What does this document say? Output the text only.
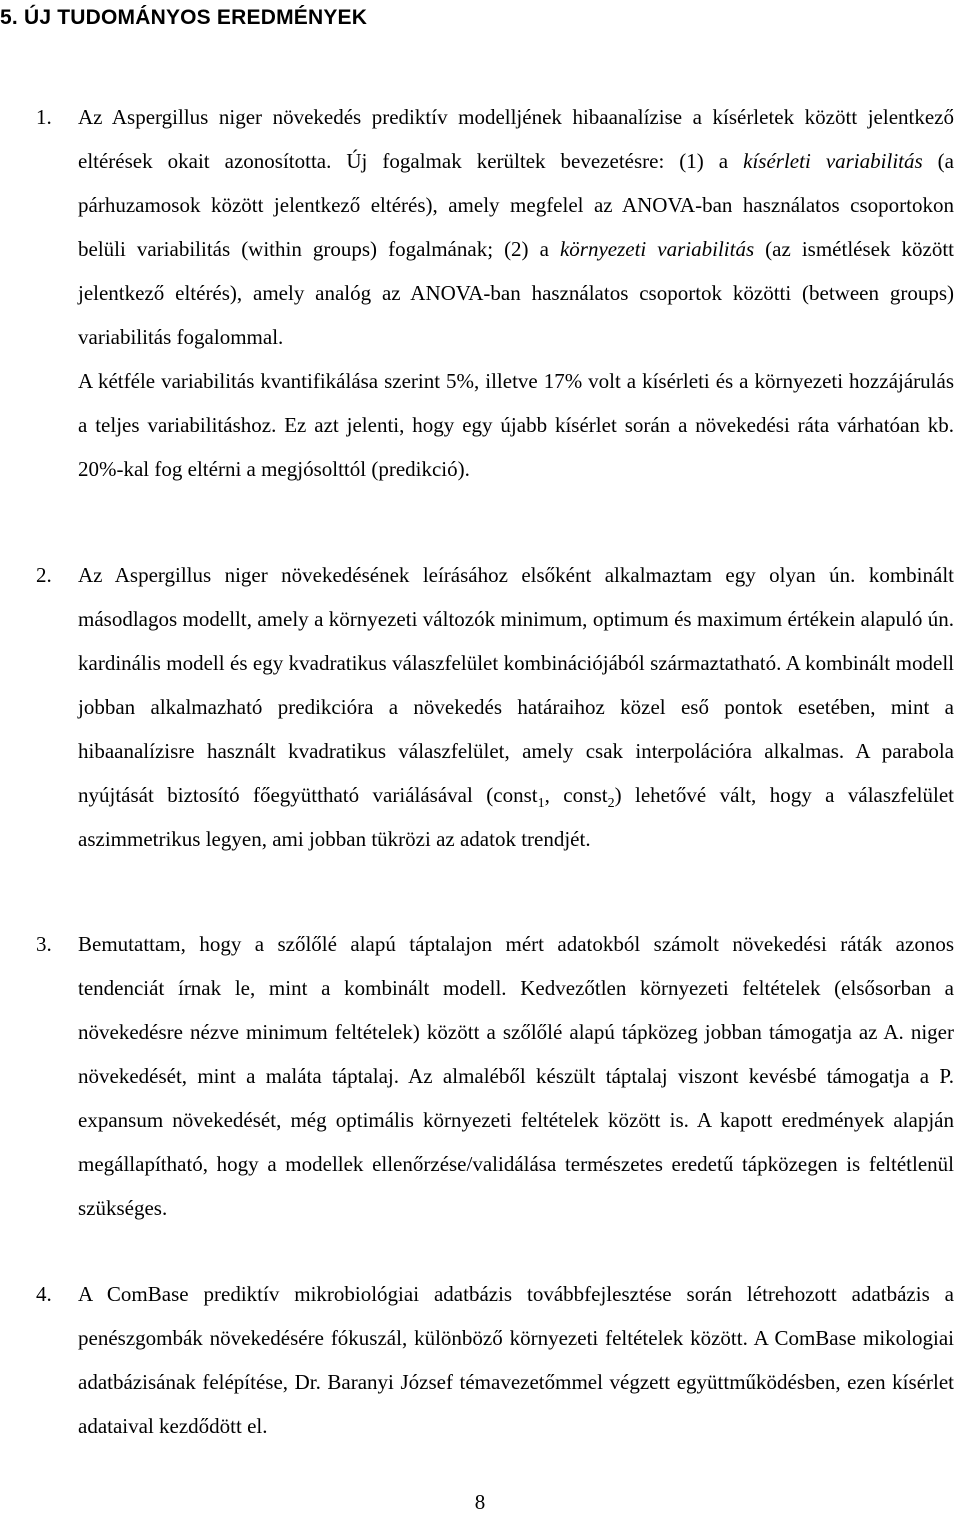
5. ÚJ TUDOMÁNYOS EREDMÉNYEK
1. Az Aspergillus niger növekedés prediktív modelljének hibaanalízise a kísérletek között jelentkező eltérések okait azonosította. Új fogalmak kerültek bevezetésre: (1) a kísérleti variabilitás (a párhuzamosok között jelentkező eltérés), amely megfelel az ANOVA-ban használatos csoportokon belüli variabilitás (within groups) fogalmának; (2) a környezeti variabilitás (az ismétlések között jelentkező eltérés), amely analóg az ANOVA-ban használatos csoportok közötti (between groups) variabilitás fogalommal.

A kétféle variabilitás kvantifikálása szerint 5%, illetve 17% volt a kísérleti és a környezeti hozzájárulás a teljes variabilitáshoz. Ez azt jelenti, hogy egy újabb kísérlet során a növekedési ráta várhatóan kb. 20%-kal fog eltérni a megjósolttól (predikció).

2. Az Aspergillus niger növekedésének leírásához elsőként alkalmaztam egy olyan ún. kombinált másodlagos modellt, amely a környezeti változók minimum, optimum és maximum értékein alapuló ún. kardinális modell és egy kvadratikus válaszfelület kombinációjából származtatható. A kombinált modell jobban alkalmazható predikcióra a növekedés határaihoz közel eső pontok esetében, mint a hibaanalízisre használt kvadratikus válaszfelület, amely csak interpolációra alkalmas. A parabola nyújtását biztosító főegyüttható variálásával (const$_1$, const$_2$) lehetővé vált, hogy a válaszfelület aszimmetrikus legyen, ami jobban tükrözi az adatok trendjét.

3. Bemutattam, hogy a szőlőlé alapú táptalajon mért adatokból számolt növekedési ráták azonos tendenciát írnak le, mint a kombinált modell. Kedvezőtlen környezeti feltételek (elsősorban a növekedésre nézve minimum feltételek) között a szőlőlé alapú tápközeg jobban támogatja az A. niger növekedését, mint a maláta táptalaj. Az almaléből készült táptalaj viszont kevésbé támogatja a P. expansum növekedését, még optimális környezeti feltételek között is. A kapott eredmények alapján megállapítható, hogy a modellek ellenőrzése/validálása természetes eredetű tápközegen is feltétlenül szükséges.

4. A ComBase prediktív mikrobiológiai adatbázis továbbfejlesztése során létrehozott adatbázis a penészgombák növekedésére fókuszál, különböző környezeti feltételek között. A ComBase mikologiai adatbázisának felépítése, Dr. Baranyi József témavezetőmmel végzett együttműködésben, ezen kísérlet adataival kezdődött el.

8
